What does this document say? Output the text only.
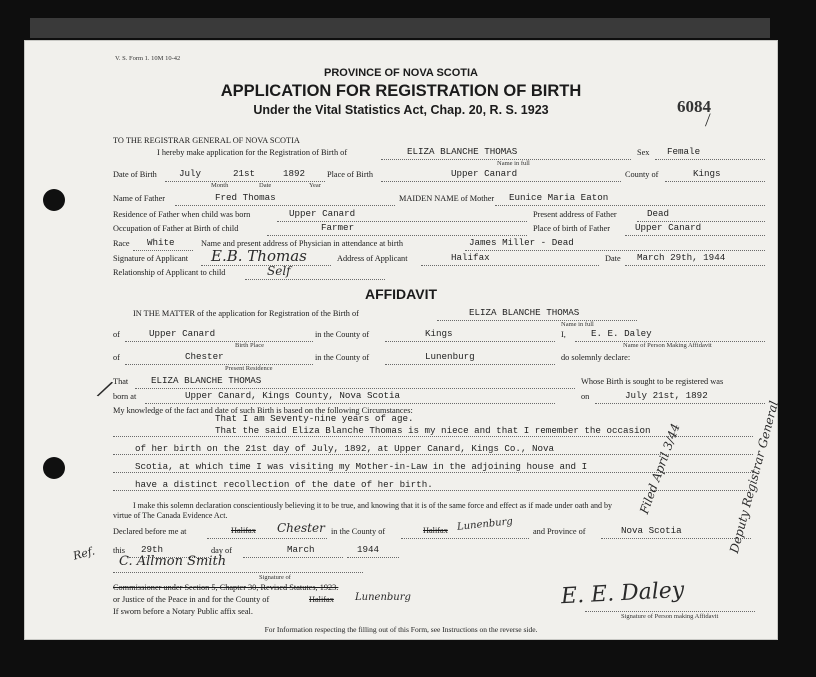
V. S. Form 1. 10M 10-42
PROVINCE OF NOVA SCOTIA
APPLICATION FOR REGISTRATION OF BIRTH
Under the Vital Statistics Act, Chap. 20, R. S. 1923	6084
⁄
TO THE REGISTRAR GENERAL OF NOVA SCOTIA
I hereby make application for the Registration of Birth of	ELIZA BLANCHE THOMAS
Name in full
Sex Female
Date of Birth July	21st	1892
Month	Date	Year
Place of Birth	Upper Canard	County of	Kings
Name of Father	Fred Thomas	MAIDEN NAME of Mother Eunice Maria Eaton
Residence of Father when child was born	Upper Canard	Present address of Father	Dead
Occupation of Father at Birth of child	Farmer	Place of birth of Father	Upper Canard
Race White	Name and present address of Physician in attendance at birth	James Miller - Dead
Signature of Applicant E.B. Thomas	Address of Applicant	Halifax	Date March 29th, 1944
Relationship of Applicant to child	Self
AFFIDAVIT
IN THE MATTER of the application for Registration of the Birth of	ELIZA BLANCHE THOMAS
Name in full
of	Upper Canard
Birth Place
in the County of	Kings	I,	E. E. Daley
Name of Person Making Affidavit
of	Chester
Present Residence
in the County of	Lunenburg	do solemnly declare:
That ELIZA BLANCHE THOMAS	Whose Birth is sought to be registered was
born at	Upper Canard, Kings County, Nova Scotia	on	July 21st, 1892
My knowledge of the fact and date of such Birth is based on the following Circumstances:
That I am Seventy-nine years of age.
That the said Eliza Blanche Thomas is my niece and that I remember the occasion
of her birth on the 21st day of July, 1892, at Upper Canard, Kings Co., Nova
Scotia, at which time I was visiting my Mother-in-Law in the adjoining house and I
have a distinct recollection of the date of her birth.
I make this solemn declaration conscientiously believing it to be true, and knowing that it is of the same force and effect as if made under oath and by
virtue of The Canada Evidence Act.
Declared before me at	Halifax Chester in the County of	Halifax Lunenburg and Province of	Nova Scotia
this 29th	day of	March	1944
C. Allmon Smith
Signature of
Commissioner under Section 5, Chapter 30, Revised Statutes, 1923.
or Justice of the Peace in and for the County of	Halifax Lunenburg
If sworn before a Notary Public affix seal.
E. E. Daley
Signature of Person making Affidavit
Ref.
/
Filed April 3/44	Deputy Registrar General
For Information respecting the filling out of this Form, see Instructions on the reverse side.
